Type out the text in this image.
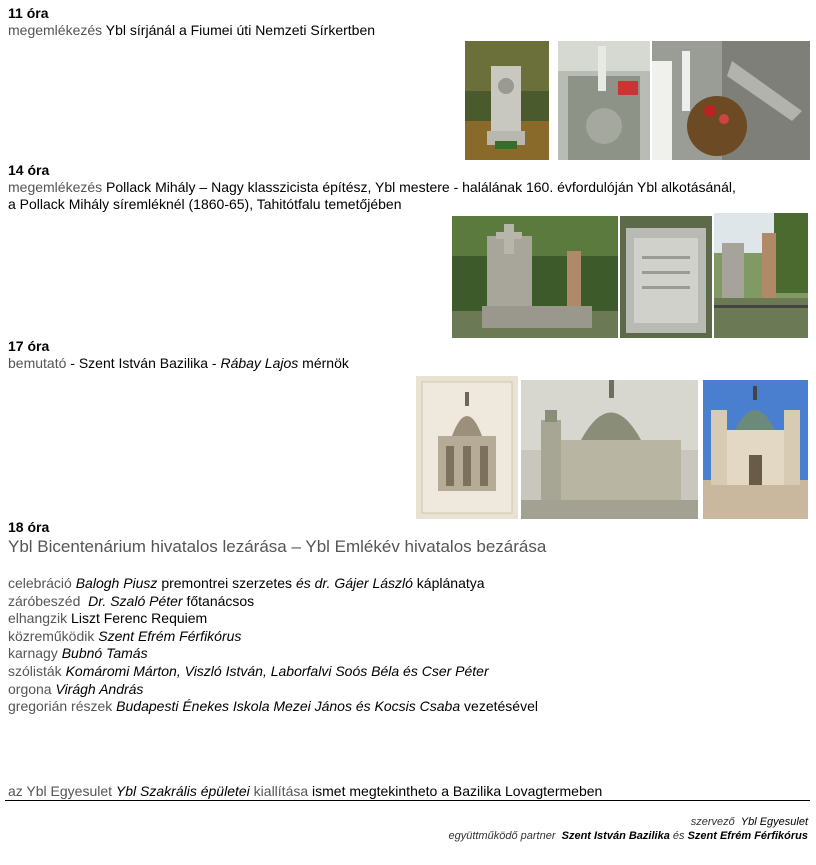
11 óra
megemlékezés Ybl sírjánál a Fiumei úti Nemzeti Sírkertben
14 óra
megemlékezés Pollack Mihály – Nagy klasszicista építész, Ybl mestere - halálának 160. évfordulóján Ybl alkotásánál,
a Pollack Mihály síremléknél (1860-65), Tahitótfalu temetőjében
17 óra
bemutató - Szent István Bazilika - Rábay Lajos mérnök
18 óra
Ybl Bicentenárium hivatalos lezárása – Ybl Emlékév hivatalos bezárása
celebráció Balogh Piusz premontrei szerzetes és dr. Gájer László káplánatya
záróbeszéd Dr. Szaló Péter főtanácsos
elhangzik Liszt Ferenc Requiem
közreműködik Szent Efrém Férfikórus
karnagy Bubnó Tamás
szólisták Komáromi Márton, Viszló István, Laborfalvi Soós Béla és Cser Péter
orgona Virágh András
gregorián részek Budapesti Énekes Iskola Mezei János és Kocsis Csaba vezetésével
az Ybl Egyesulet Ybl Szakrális épületei kiallítása ismet megtekintheto a Bazilika Lovagtermeben
szervező Ybl Egyesulet
együttműködő partner Szent István Bazilika és Szent Efrém Férfikórus
